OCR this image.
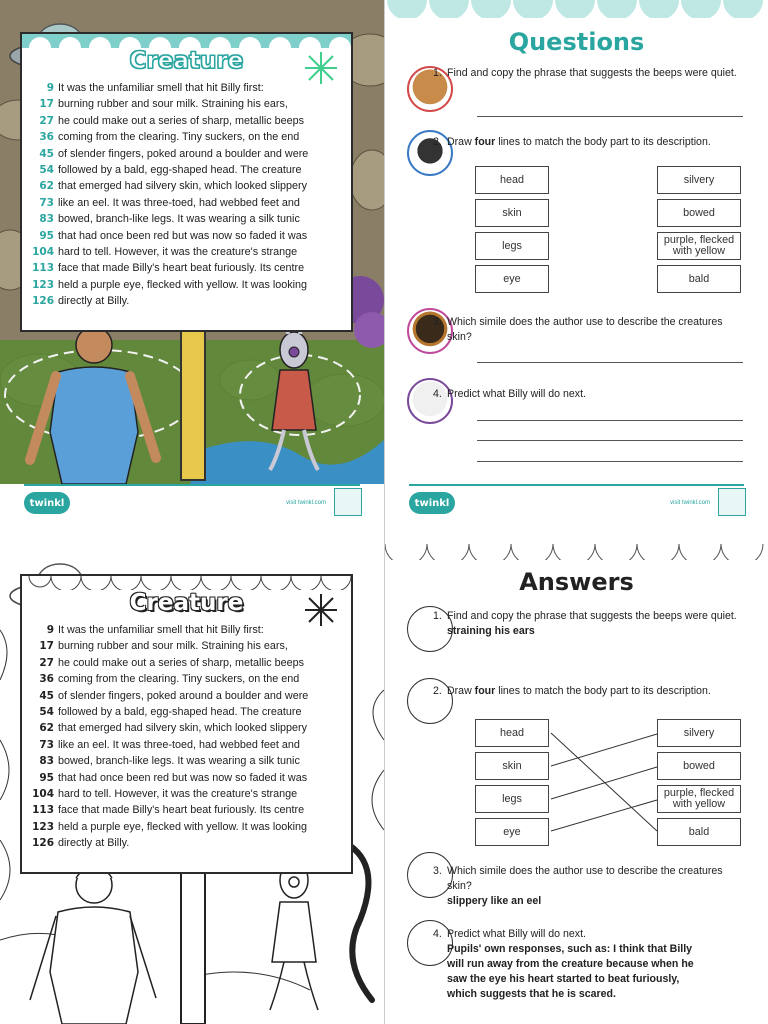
Creature
9 It was the unfamiliar smell that hit Billy first:
17 burning rubber and sour milk. Straining his ears,
27 he could make out a series of sharp, metallic beeps
36 coming from the clearing. Tiny suckers, on the end
45 of slender fingers, poked around a boulder and were
54 followed by a bald, egg-shaped head. The creature
62 that emerged had silvery skin, which looked slippery
73 like an eel. It was three-toed, had webbed feet and
83 bowed, branch-like legs. It was wearing a silk tunic
95 that had once been red but was now so faded it was
104 hard to tell. However, it was the creature's strange
113 face that made Billy's heart beat furiously. Its centre
123 held a purple eye, flecked with yellow. It was looking
126 directly at Billy.
twinkl	visit twinkl.com
Questions
1. Find and copy the phrase that suggests the beeps were quiet.
2. Draw four lines to match the body part to its description.
head
skin
legs
eye
silvery
bowed
purple, flecked with yellow
bald
3. Which simile does the author use to describe the creatures skin?
4. Predict what Billy will do next.
twinkl	visit twinkl.com
Creature
9 It was the unfamiliar smell that hit Billy first:
17 burning rubber and sour milk. Straining his ears,
27 he could make out a series of sharp, metallic beeps
36 coming from the clearing. Tiny suckers, on the end
45 of slender fingers, poked around a boulder and were
54 followed by a bald, egg-shaped head. The creature
62 that emerged had silvery skin, which looked slippery
73 like an eel. It was three-toed, had webbed feet and
83 bowed, branch-like legs. It was wearing a silk tunic
95 that had once been red but was now so faded it was
104 hard to tell. However, it was the creature's strange
113 face that made Billy's heart beat furiously. Its centre
123 held a purple eye, flecked with yellow. It was looking
126 directly at Billy.
Answers
1. Find and copy the phrase that suggests the beeps were quiet.
straining his ears
2. Draw four lines to match the body part to its description.
head
skin
legs
eye
silvery
bowed
purple, flecked with yellow
bald
3. Which simile does the author use to describe the creatures skin?
slippery like an eel
4. Predict what Billy will do next.
Pupils' own responses, such as: I think that Billy will run away from the creature because when he saw the eye his heart started to beat furiously, which suggests that he is scared.
